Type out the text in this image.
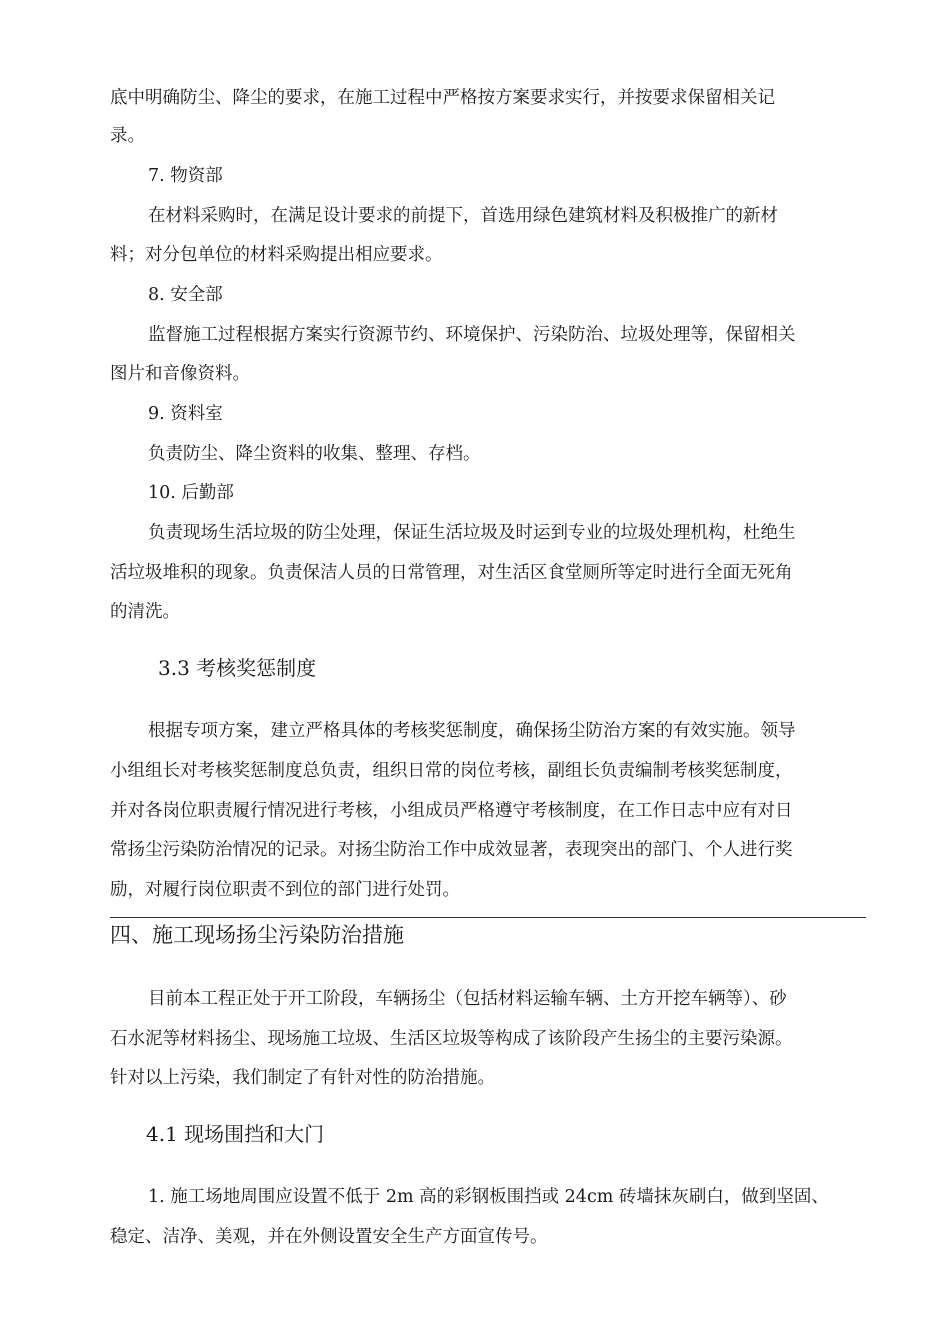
底中明确防尘、降尘的要求，在施工过程中严格按方案要求实行，并按要求保留相关记
录。
7. 物资部
在材料采购时，在满足设计要求的前提下，首选用绿色建筑材料及积极推广的新材
料；对分包单位的材料采购提出相应要求。
8. 安全部
监督施工过程根据方案实行资源节约、环境保护、污染防治、垃圾处理等，保留相关
图片和音像资料。
9. 资料室
负责防尘、降尘资料的收集、整理、存档。
10. 后勤部
负责现场生活垃圾的防尘处理，保证生活垃圾及时运到专业的垃圾处理机构，杜绝生
活垃圾堆积的现象。负责保洁人员的日常管理，对生活区食堂厕所等定时进行全面无死角
的清洗。
3.3 考核奖惩制度
根据专项方案，建立严格具体的考核奖惩制度，确保扬尘防治方案的有效实施。领导
小组组长对考核奖惩制度总负责，组织日常的岗位考核，副组长负责编制考核奖惩制度，
并对各岗位职责履行情况进行考核，小组成员严格遵守考核制度，在工作日志中应有对日
常扬尘污染防治情况的记录。对扬尘防治工作中成效显著，表现突出的部门、个人进行奖
励，对履行岗位职责不到位的部门进行处罚。
四、施工现场扬尘污染防治措施
目前本工程正处于开工阶段，车辆扬尘（包括材料运输车辆、土方开挖车辆等）、砂
石水泥等材料扬尘、现场施工垃圾、生活区垃圾等构成了该阶段产生扬尘的主要污染源。
针对以上污染，我们制定了有针对性的防治措施。
4.1 现场围挡和大门
1. 施工场地周围应设置不低于 2m 高的彩钢板围挡或 24cm 砖墙抹灰刷白，做到坚固、
稳定、洁净、美观，并在外侧设置安全生产方面宣传号。
